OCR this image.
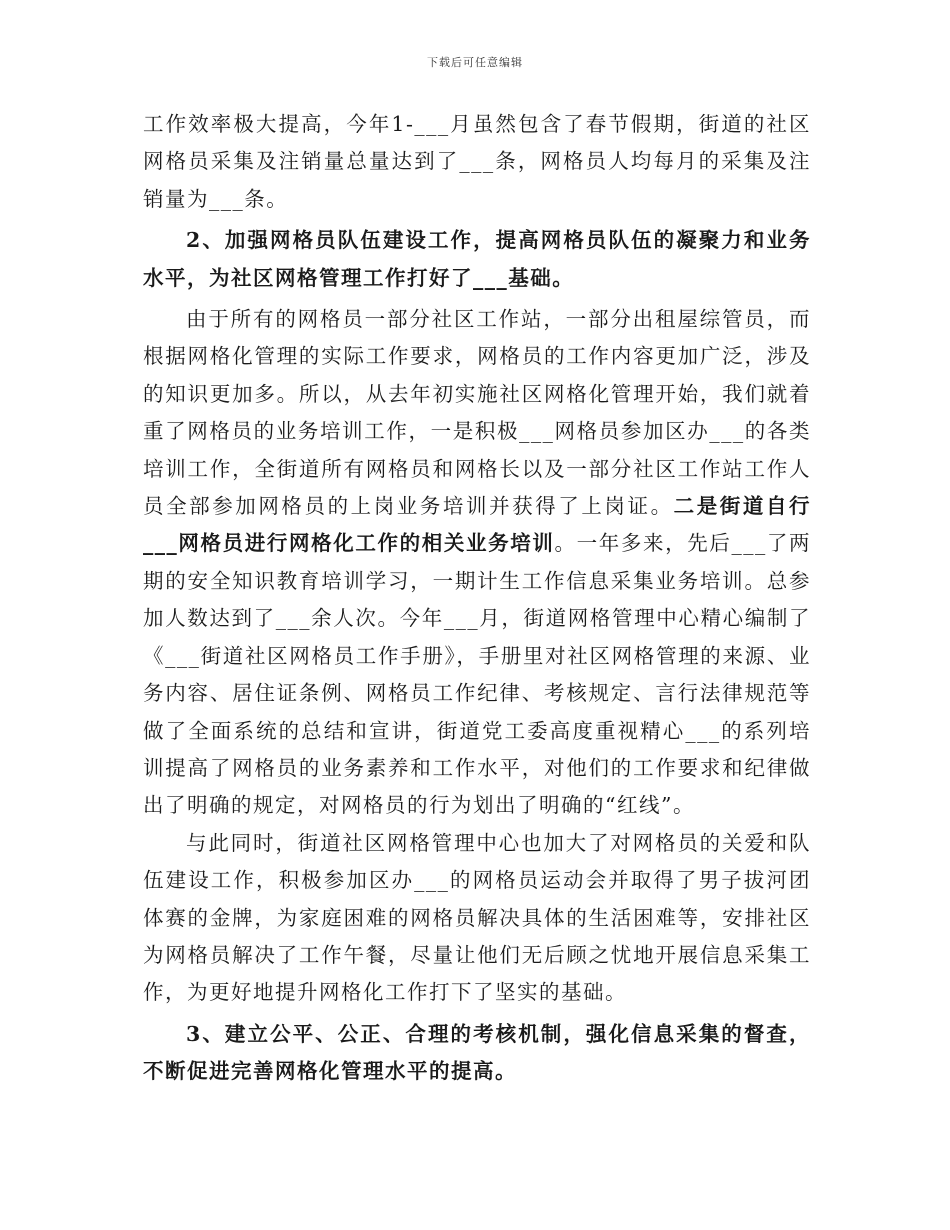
下载后可任意编辑

工作效率极大提高，今年1-___月虽然包含了春节假期，街道的社区网格员采集及注销量总量达到了___条，网格员人均每月的采集及注销量为___条。

2、加强网格员队伍建设工作，提高网格员队伍的凝聚力和业务水平，为社区网格管理工作打好了___基础。

由于所有的网格员一部分社区工作站，一部分出租屋综管员，而根据网格化管理的实际工作要求，网格员的工作内容更加广泛，涉及的知识更加多。所以，从去年初实施社区网格化管理开始，我们就着重了网格员的业务培训工作，一是积极___网格员参加区办___的各类培训工作，全街道所有网格员和网格长以及一部分社区工作站工作人员全部参加网格员的上岗业务培训并获得了上岗证。二是街道自行___网格员进行网格化工作的相关业务培训。一年多来，先后___了两期的安全知识教育培训学习，一期计生工作信息采集业务培训。总参加人数达到了___余人次。今年___月，街道网格管理中心精心编制了《___街道社区网格员工作手册》，手册里对社区网格管理的来源、业务内容、居住证条例、网格员工作纪律、考核规定、言行法律规范等做了全面系统的总结和宣讲，街道党工委高度重视精心___的系列培训提高了网格员的业务素养和工作水平，对他们的工作要求和纪律做出了明确的规定，对网格员的行为划出了明确的“红线”。

与此同时，街道社区网格管理中心也加大了对网格员的关爱和队伍建设工作，积极参加区办___的网格员运动会并取得了男子拔河团体赛的金牌，为家庭困难的网格员解决具体的生活困难等，安排社区为网格员解决了工作午餐，尽量让他们无后顾之忧地开展信息采集工作，为更好地提升网格化工作打下了坚实的基础。

3、建立公平、公正、合理的考核机制，强化信息采集的督查，不断促进完善网格化管理水平的提高。
